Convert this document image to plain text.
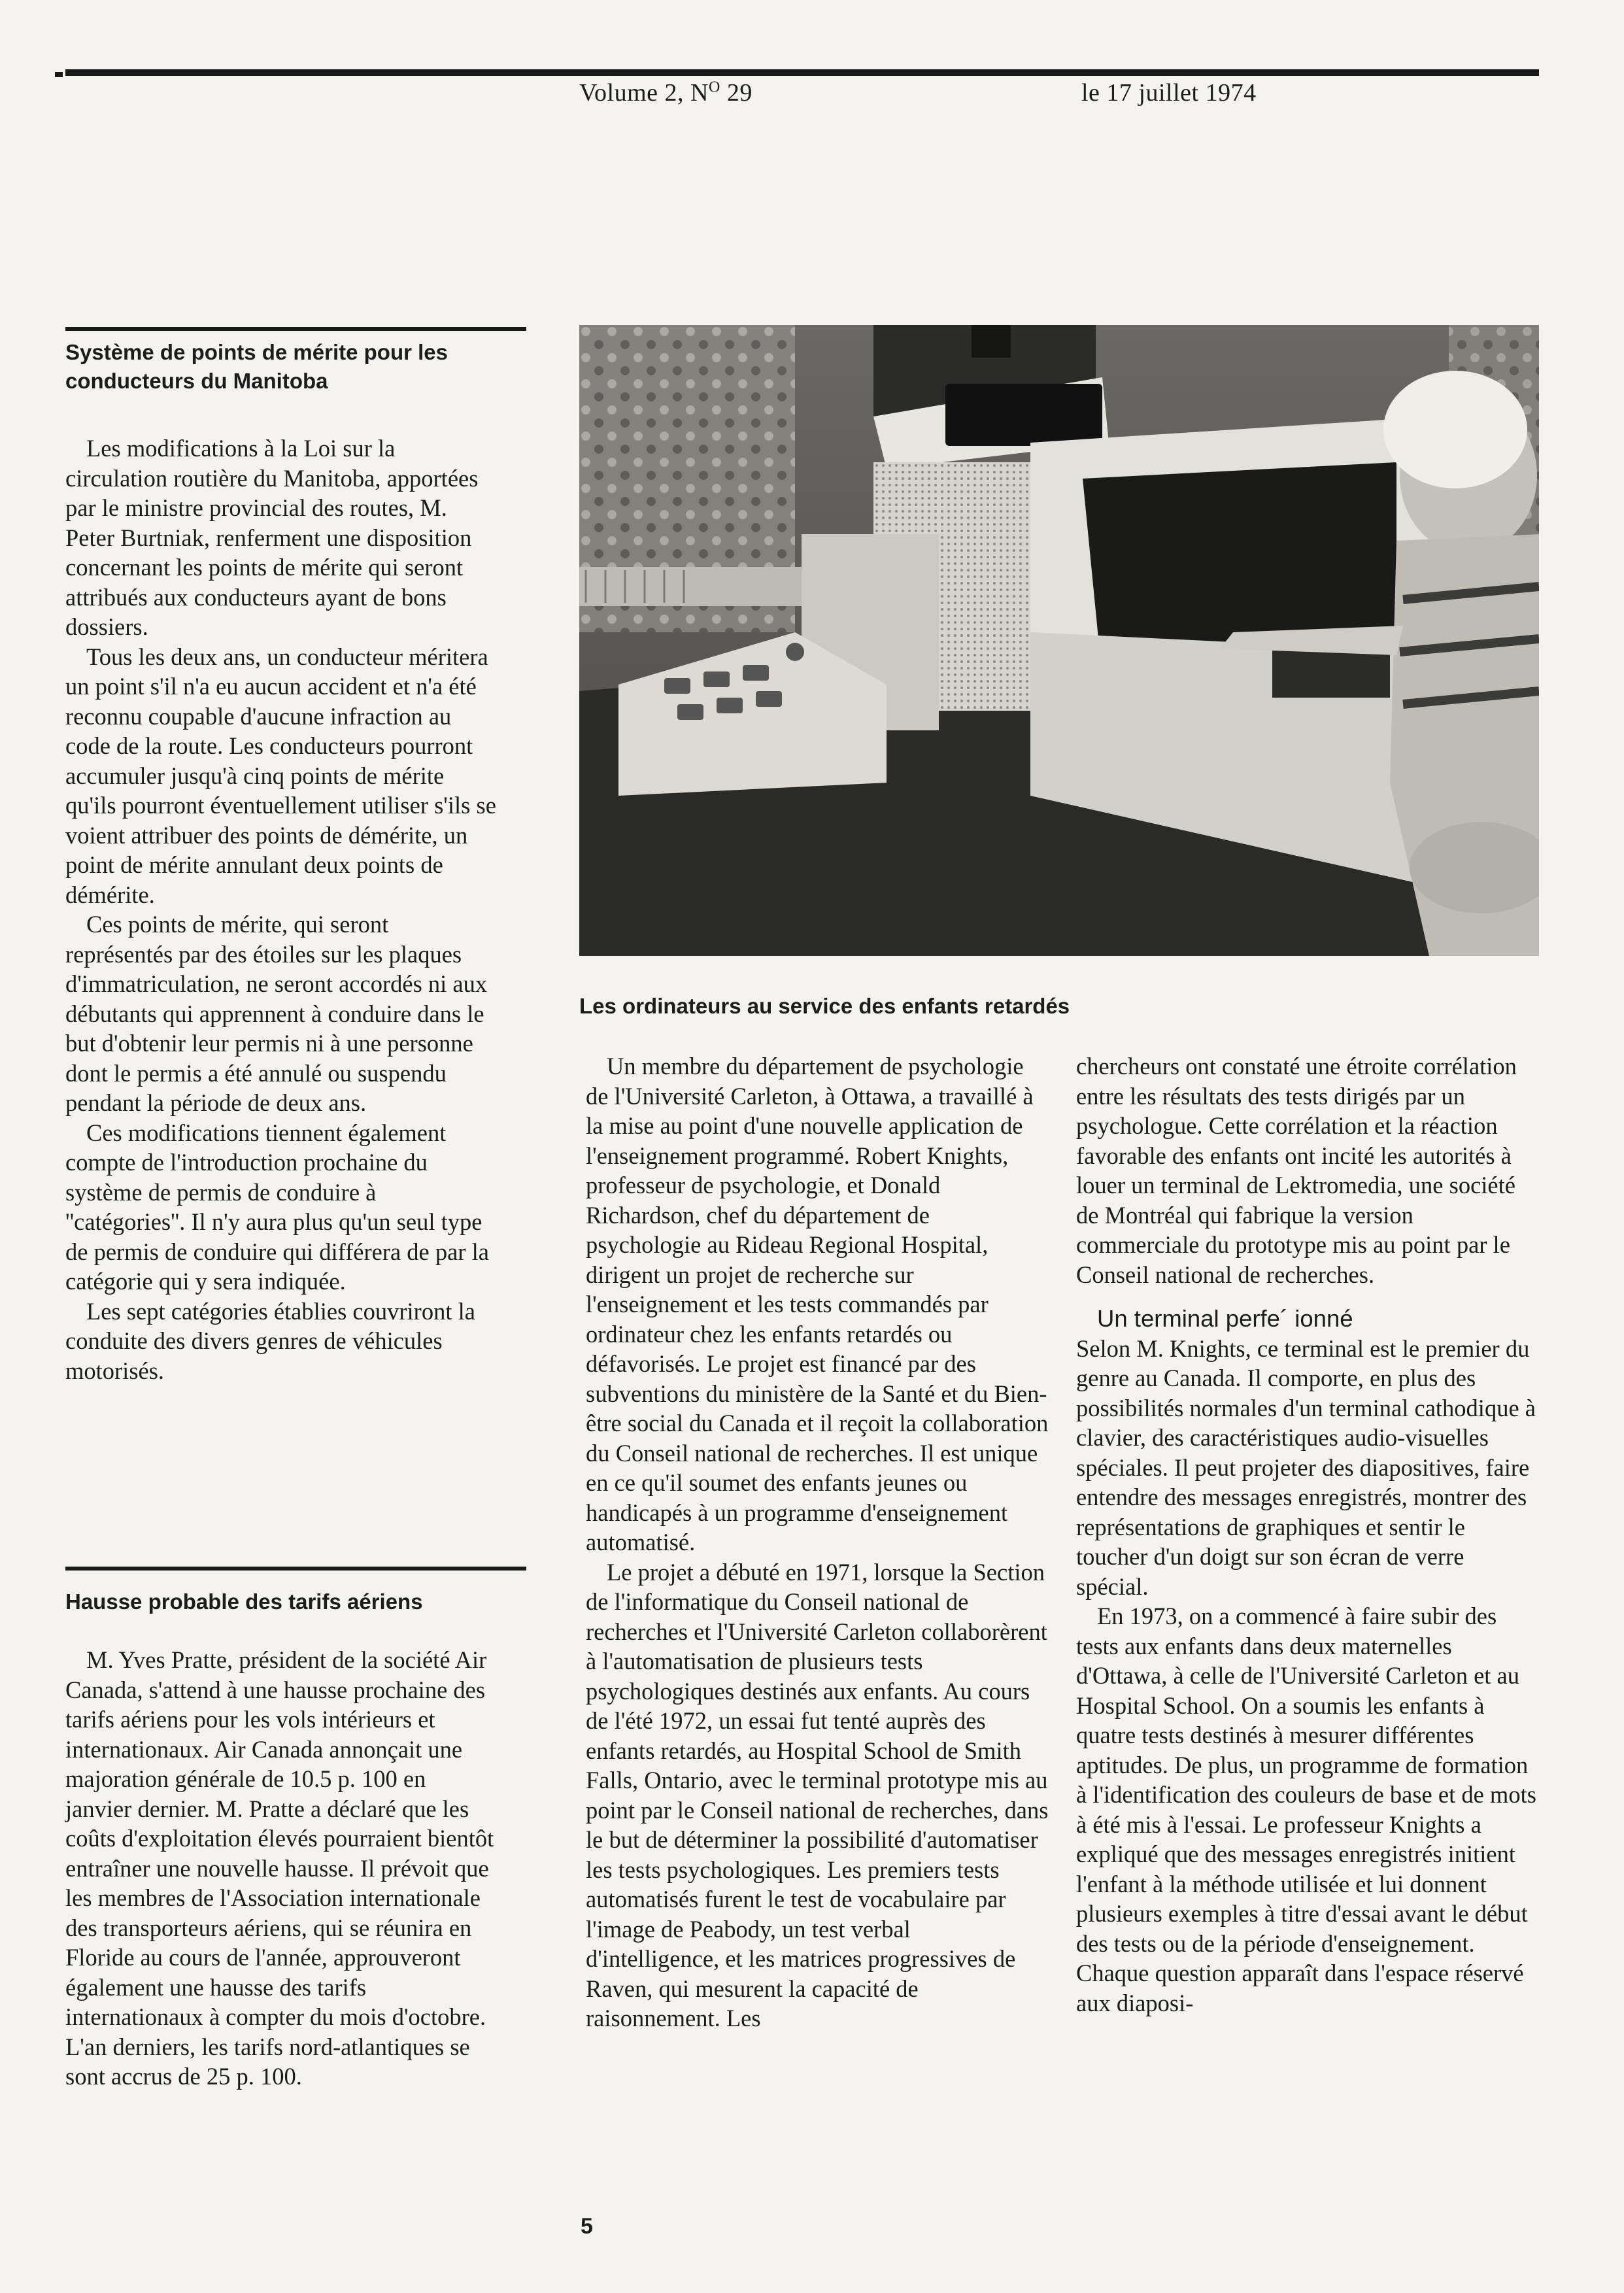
Volume 2, $N^O$ 29	le 17 juillet 1974

Système de points de mérite pour les

conducteurs du Manitoba

Les modifications à la Loi sur la circulation routière du Manitoba, apportées par le ministre provincial des routes, M. Peter Burtniak, renferment une disposition concernant les points de mérite qui seront attribués aux conducteurs ayant de bons dossiers.

Tous les deux ans, un conducteur méritera un point s'il n'a eu aucun accident et n'a été reconnu coupable d'aucune infraction au code de la route. Les conducteurs pourront accumuler jusqu'à cinq points de mérite qu'ils pourront éventuellement utiliser s'ils se voient attribuer des points de démérite, un point de mérite annulant deux points de démérite.

Ces points de mérite, qui seront représentés par des étoiles sur les plaques d'immatriculation, ne seront accordés ni aux débutants qui apprennent à conduire dans le but d'obtenir leur permis ni à une personne dont le permis a été annulé ou suspendu pendant la période de deux ans.

Ces modifications tiennent également compte de l'introduction prochaine du système de permis de conduire à ''catégories''. Il n'y aura plus qu'un seul type de permis de conduire qui différera de par la catégorie qui y sera indiquée.

Les sept catégories établies couvriront la conduite des divers genres de véhicules motorisés.

Hausse probable des tarifs aériens

M. Yves Pratte, président de la société Air Canada, s'attend à une hausse prochaine des tarifs aériens pour les vols intérieurs et internationaux. Air Canada annonçait une majoration générale de 10.5 p. 100 en janvier dernier. M. Pratte a déclaré que les coûts d'exploitation élevés pourraient bientôt entraîner une nouvelle hausse. Il prévoit que les membres de l'Association internationale des transporteurs aériens, qui se réunira en Floride au cours de l'année, approuveront également une hausse des tarifs internationaux à compter du mois d'octobre. L'an derniers, les tarifs nord-atlantiques se sont accrus de 25 p. 100.

Les ordinateurs au service des enfants retardés

Un membre du département de psychologie de l'Université Carleton, à Ottawa, a travaillé à la mise au point d'une nouvelle application de l'enseignement programmé. Robert Knights, professeur de psychologie, et Donald Richardson, chef du département de psychologie au Rideau Regional Hospital, dirigent un projet de recherche sur l'enseignement et les tests commandés par ordinateur chez les enfants retardés ou défavorisés. Le projet est financé par des subventions du ministère de la Santé et du Bien-être social du Canada et il reçoit la collaboration du Conseil national de recherches. Il est unique en ce qu'il soumet des enfants jeunes ou handicapés à un programme d'enseignement automatisé.

Le projet a débuté en 1971, lorsque la Section de l'informatique du Conseil national de recherches et l'Université Carleton collaborèrent à l'automatisation de plusieurs tests psychologiques destinés aux enfants. Au cours de l'été 1972, un essai fut tenté auprès des enfants retardés, au Hospital School de Smith Falls, Ontario, avec le terminal prototype mis au point par le Conseil national de recherches, dans le but de déterminer la possibilité d'automatiser les tests psychologiques. Les premiers tests automatisés furent le test de vocabulaire par l'image de Peabody, un test verbal d'intelligence, et les matrices progressives de Raven, qui mesurent la capacité de raisonnement. Les

chercheurs ont constaté une étroite corrélation entre les résultats des tests dirigés par un psychologue. Cette corrélation et la réaction favorable des enfants ont incité les autorités à louer un terminal de Lektromedia, une société de Montréal qui fabrique la version commerciale du prototype mis au point par le Conseil national de recherches.

Un terminal perfe´ ionné

Selon M. Knights, ce terminal est le premier du genre au Canada. Il comporte, en plus des possibilités normales d'un terminal cathodique à clavier, des caractéristiques audio-visuelles spéciales. Il peut projeter des diapositives, faire entendre des messages enregistrés, montrer des représentations de graphiques et sentir le toucher d'un doigt sur son écran de verre spécial.

En 1973, on a commencé à faire subir des tests aux enfants dans deux maternelles d'Ottawa, à celle de l'Université Carleton et au Hospital School. On a soumis les enfants à quatre tests destinés à mesurer différentes aptitudes. De plus, un programme de formation à l'identification des couleurs de base et de mots à été mis à l'essai. Le professeur Knights a expliqué que des messages enregistrés initient l'enfant à la méthode utilisée et lui donnent plusieurs exemples à titre d'essai avant le début des tests ou de la période d'enseignement. Chaque question apparaît dans l'espace réservé aux diaposi-

5
